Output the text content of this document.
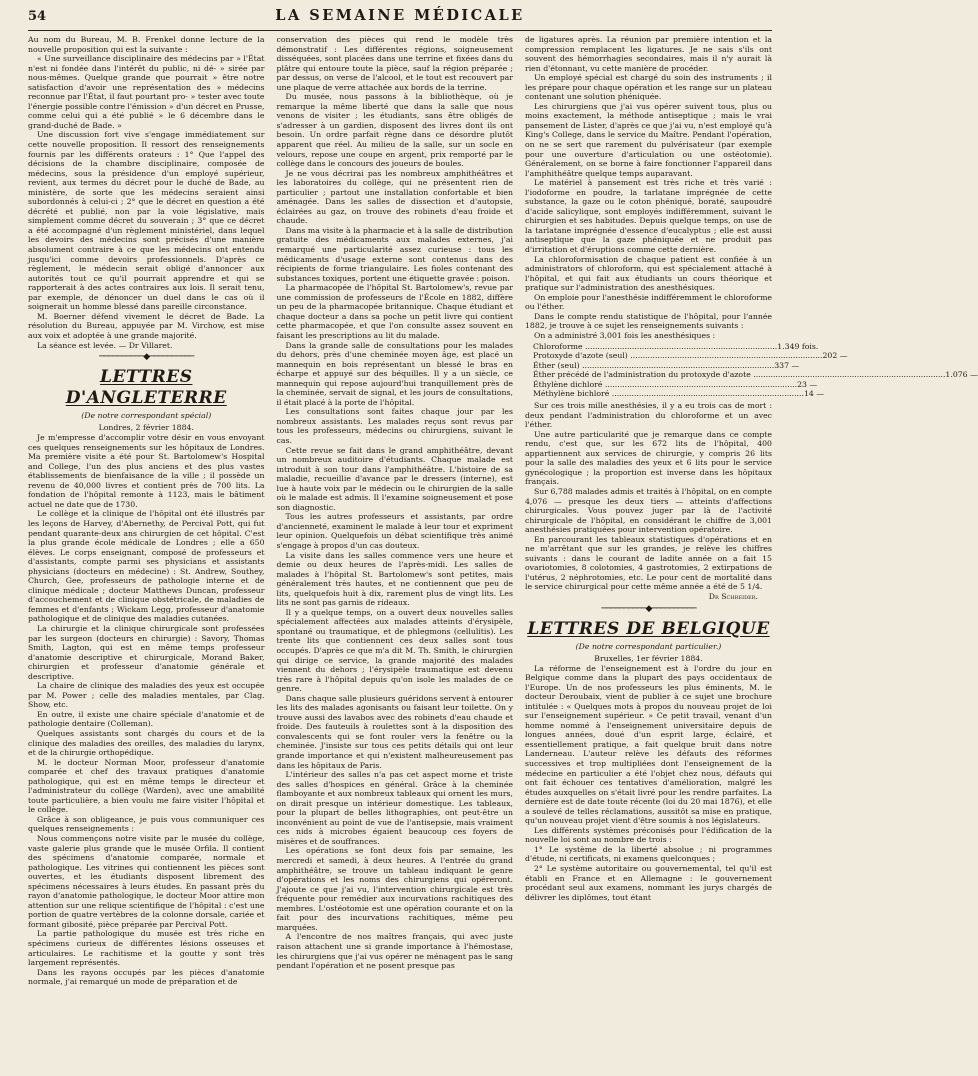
54	LA SEMAINE MÉDICALE

Au nom du Bureau, M. B. Frenkel donne lecture de la nouvelle proposition qui est la suivante :

« Une surveillance disciplinaire des médecins par » l'État n'est ni fondée dans l'intérêt du public, ni dé- » sirée par nous-mêmes. Quelque grande que pourrait » être notre satisfaction d'avoir une représentation des » médecins reconnue par l'État, il faut pourtant pro- » tester avec toute l'énergie possible contre l'émission » d'un décret en Prusse, comme celui qui a été publié » le 6 décembre dans le grand-duché de Bade. »

Une discussion fort vive s'engage immédiatement sur cette nouvelle proposition. Il ressort des renseignements fournis par les différents orateurs : 1° Que l'appel des décisions de la chambre disciplinaire, composée de médecins, sous la présidence d'un employé supérieur, revient, aux termes du décret pour le duché de Bade, au ministère, de sorte que les médecins seraient ainsi subordonnés à celui-ci ; 2° que le décret en question a été décrété et publié, non par la voie législative, mais simplement comme décret du souverain ; 3° que ce décret a été accompagné d'un règlement ministériel, dans lequel les devoirs des médecins sont précisés d'une manière absolument contraire à ce que les médecins ont entendu jusqu'ici comme devoirs professionnels. D'après ce règlement, le médecin serait obligé d'annoncer aux autorités tout ce qu'il pourrait apprendre et qui se rapporterait à des actes contraires aux lois. Il serait tenu, par exemple, de dénoncer un duel dans le cas où il soignerait un homme blessé dans pareille circonstance.

M. Boerner défend vivement le décret de Bade. La résolution du Bureau, appuyée par M. Virchow, est mise aux voix et adoptée à une grande majorité.

La séance est levée. — Dr Villaret.

──────────◆──────────
LETTRES D'ANGLETERRE
(De notre correspondant spécial)
Londres, 2 février 1884.

Je m'empresse d'accomplir votre désir en vous envoyant ces quelques renseignements sur les hôpitaux de Londres. Ma première visite a été pour St. Bartolomew's Hospital and College, l'un des plus anciens et des plus vastes établissements de bienfaisance de la ville ; il possède un revenu de 40,000 livres et contient près de 700 lits. La fondation de l'hôpital remonte à 1123, mais le bâtiment actuel ne date que de 1730.

Le collège et la clinique de l'hôpital ont été illustrés par les leçons de Harvey, d'Abernethy, de Percival Pott, qui fut pendant quarante-deux ans chirurgien de cet hôpital. C'est la plus grande école médicale de Londres ; elle a 650 élèves. Le corps enseignant, composé de professeurs et d'assistants, compte parmi ses physicians et assistants physicians (docteurs en médecine) : St. Andrew, Southey, Church, Gee, professeurs de pathologie interne et de clinique médicale ; docteur Matthews Duncan, professeur d'accouchement et de clinique obstétricale, de maladies de femmes et d'enfants ; Wickam Legg, professeur d'anatomie pathologique et de clinique des maladies cutanées.

La chirurgie et la clinique chirurgicale sont professées par les surgeon (docteurs en chirurgie) : Savory, Thomas Smith, Lagton, qui est en même temps professeur d'anatomie descriptive et chirurgicale, Morand Baker, chirurgien et professeur d'anatomie générale et descriptive.

La chaire de clinique des maladies des yeux est occupée par M. Power ; celle des maladies mentales, par Clag. Show, etc.

En outre, il existe une chaire spéciale d'anatomie et de pathologie dentaire (Colleman).

Quelques assistants sont chargés du cours et de la clinique des maladies des oreilles, des maladies du larynx, et de la chirurgie orthopédique.

M. le docteur Norman Moor, professeur d'anatomie comparée et chef des travaux pratiques d'anatomie pathologique, qui est en même temps le directeur et l'administrateur du collège (Warden), avec une amabilité toute particulière, a bien voulu me faire visiter l'hôpital et le collège.

Grâce à son obligeance, je puis vous communiquer ces quelques renseignements :

Nous commençons notre visite par le musée du collège, vaste galerie plus grande que le musée Orfila. Il contient des spécimens d'anatomie comparée, normale et pathologique. Les vitrines qui contiennent les pièces sont ouvertes, et les étudiants disposent librement des spécimens nécessaires à leurs études. En passant près du rayon d'anatomie pathologique, le docteur Moor attire mon attention sur une relique scientifique de l'hôpital : c'est une portion de quatre vertèbres de la colonne dorsale, cariée et formant gibosité, pièce préparée par Percival Pott.

La partie pathologique du musée est très riche en spécimens curieux de différentes lésions osseuses et articulaires. Le rachitisme et la goutte y sont très largement représentés.

Dans les rayons occupés par les pièces d'anatomie normale, j'ai remarqué un mode de préparation et de

conservation des pièces qui rend le modèle très démonstratif : Les différentes régions, soigneusement disséquées, sont placées dans une terrine et fixées dans du plâtre qui entoure toute la pièce, sauf la région préparée ; par dessus, on verse de l'alcool, et le tout est recouvert par une plaque de verre attachée aux bords de la terrine.

Du musée, nous passons à la bibliothèque, où je remarque la même liberté que dans la salle que nous venons de visiter ; les étudiants, sans être obligés de s'adresser à un gardien, disposent des livres dont ils ont besoin. Un ordre parfait règne dans ce désordre plutôt apparent que réel. Au milieu de la salle, sur un socle en velours, repose une coupe en argent, prix remporté par le collège dans le concours des joueurs de boules.

Je ne vous décrirai pas les nombreux amphithéâtres et les laboratoires du collège, qui ne présentent rien de particulier ; partout une installation confortable et bien aménagée. Dans les salles de dissection et d'autopsie, éclairées au gaz, on trouve des robinets d'eau froide et chaude.

Dans ma visite à la pharmacie et à la salle de distribution gratuite des médicaments aux malades externes, j'ai remarqué une particularité assez curieuse : tous les médicaments d'usage externe sont contenus dans des récipients de forme triangulaire. Les fioles contenant des substances toxiques, portent une étiquette gravée : poison.

La pharmacopée de l'hôpital St. Bartolomew's, revue par une commission de professeurs de l'École en 1882, diffère un peu de la pharmacopée britannique. Chaque étudiant et chaque docteur a dans sa poche un petit livre qui contient cette pharmacopée, et que l'on consulte assez souvent en faisant les prescriptions au lit du malade.

Dans la grande salle de consultations pour les malades du dehors, près d'une cheminée moyen âge, est placé un mannequin en bois représentant un blessé le bras en écharpe et appuyé sur des béquilles. Il y a un siècle, ce mannequin qui repose aujourd'hui tranquillement près de la cheminée, servait de signal, et les jours de consultations, il était placé à la porte de l'hôpital.

Les consultations sont faites chaque jour par les nombreux assistants. Les malades reçus sont revus par tous les professeurs, médecins ou chirurgiens, suivant le cas.

Cette revue se fait dans le grand amphithéâtre, devant un nombreux auditoire d'étudiants. Chaque malade est introduit à son tour dans l'amphithéâtre. L'histoire de sa maladie, recueillie d'avance par le dressers (interne), est lue à haute voix par le médecin ou le chirurgien de la salle où le malade est admis. Il l'examine soigneusement et pose son diagnostic.

Tous les autres professeurs et assistants, par ordre d'ancienneté, examinent le malade à leur tour et expriment leur opinion. Quelquefois un débat scientifique très animé s'engage à propos d'un cas douteux.

La visite dans les salles commence vers une heure et demie ou deux heures de l'après-midi. Les salles de malades à l'hôpital St. Bartolomew's sont petites, mais généralement très hautes, et ne contiennent que peu de lits, quelquefois huit à dix, rarement plus de vingt lits. Les lits ne sont pas garnis de rideaux.

Il y a quelque temps, on a ouvert deux nouvelles salles spécialement affectées aux malades atteints d'érysipèle, spontané ou traumatique, et de phlegmons (cellulitis). Les trente lits que contiennent ces deux salles sont tous occupés. D'après ce que m'a dit M. Th. Smith, le chirurgien qui dirige ce service, la grande majorité des malades viennent du dehors ; l'érysipèle traumatique est devenu très rare à l'hôpital depuis qu'on isole les malades de ce genre.

Dans chaque salle plusieurs guéridons servent à entourer les lits des malades agonisants ou faisant leur toilette. On y trouve aussi des lavabos avec des robinets d'eau chaude et froide. Des fauteuils à roulettes sont à la disposition des convalescents qui se font rouler vers la fenêtre ou la cheminée. J'insiste sur tous ces petits détails qui ont leur grande importance et qui n'existent malheureusement pas dans les hôpitaux de Paris.

L'intérieur des salles n'a pas cet aspect morne et triste des salles d'hospices en général. Grâce à la cheminée flamboyante et aux nombreux tableaux qui ornent les murs, on dirait presque un intérieur domestique. Les tableaux, pour la plupart de belles lithographies, ont peut-être un inconvénient au point de vue de l'antisepsie, mais vraiment ces nids à microbes égaient beaucoup ces foyers de misères et de souffrances.

Les opérations se font deux fois par semaine, les mercredi et samedi, à deux heures. A l'entrée du grand amphithéâtre, se trouve un tableau indiquant le genre d'opérations et les noms des chirurgiens qui opéreront. J'ajoute ce que j'ai vu, l'intervention chirurgicale est très fréquente pour remédier aux incurvations rachitiques des membres. L'ostéotomie est une opération courante et on la fait pour des incurvations rachitiques, même peu marquées.

A l'encontre de nos maîtres français, qui avec juste raison attachent une si grande importance à l'hémostase, les chirurgiens que j'ai vus opérer ne ménagent pas le sang pendant l'opération et ne posent presque pas

de ligatures après. La réunion par première intention et la compression remplacent les ligatures. Je ne sais s'ils ont souvent des hémorrhagies secondaires, mais il n'y aurait là rien d'étonnant, vu cette manière de procéder.

Un employé spécial est chargé du soin des instruments ; il les prépare pour chaque opération et les range sur un plateau contenant une solution phéniquée.

Les chirurgiens que j'ai vus opérer suivent tous, plus ou moins exactement, la méthode antiseptique ; mais le vrai pansement de Lister, d'après ce que j'ai vu, n'est employé qu'à King's College, dans le service du Maître. Pendant l'opération, on ne se sert que rarement du pulvérisateur (par exemple pour une ouverture d'articulation ou une ostéotomie). Généralement, on se borne à faire fonctionner l'appareil dans l'amphithéâtre quelque temps auparavant.

Le matériel à pansement est très riche et très varié : l'iodoforme en poudre, la tarlatane imprégnée de cette substance, la gaze ou le coton phéniqué, boraté, saupoudré d'acide salicylique, sont employés indifféremment, suivant le chirurgien et ses habitudes. Depuis quelque temps, on use de la tarlatane imprégnée d'essence d'eucalyptus ; elle est aussi antiseptique que la gaze phéniquée et ne produit pas d'irritation et d'éruptions comme cette dernière.

La chloroformisation de chaque patient est confiée à un administrators of chloroform, qui est spécialement attaché à l'hôpital, et qui fait aux étudiants un cours théorique et pratique sur l'administration des anesthésiques.

On emploie pour l'anesthésie indifféremment le chloroforme ou l'éther.

Dans le compte rendu statistique de l'hôpital, pour l'année 1882, je trouve à ce sujet les renseignements suivants :

On a administré 3,001 fois les anesthésiques :

Chloroforme .....	1.349 fois.
Protoxyde d'azote (seul) .....	202 —
Éther (seul) .....	337 —
Éther précédé de l'administration du protoxyde d'azote .....	1.076 —
Éthylène dichloré .....	23 —
Méthylène bichloré .....	14 —

Sur ces trois mille anesthésies, il y a eu trois cas de mort : deux pendant l'administration du chloroforme et un avec l'éther.

Une autre particularité que je remarque dans ce compte rendu, c'est que, sur les 672 lits de l'hôpital, 400 appartiennent aux services de chirurgie, y compris 26 lits pour la salle des maladies des yeux et 6 lits pour le service gynécologique ; la proportion est inverse dans les hôpitaux français.

Sur 6,788 malades admis et traités à l'hôpital, on en compte 4,076 — presque les deux tiers — atteints d'affections chirurgicales. Vous pouvez juger par là de l'activité chirurgicale de l'hôpital, en considérant le chiffre de 3,001 anesthésies pratiquées pour intervention opératoire.

En parcourant les tableaux statistiques d'opérations et en ne m'arrêtant que sur les grandes, je relève les chiffres suivants : dans le courant de ladite année on a fait 15 ovariotomies, 8 colotomies, 4 gastrotomies, 2 extirpations de l'utérus, 2 néphrotomies, etc. Le pour cent de mortalité dans le service chirurgical pour cette même année a été de 5 1/4.

Dr Schreider.
──────────◆──────────
LETTRES DE BELGIQUE
(De notre correspondant particulier.)
Bruxelles, 1er février 1884.

La réforme de l'enseignement est à l'ordre du jour en Belgique comme dans la plupart des pays occidentaux de l'Europe. Un de nos professeurs les plus éminents, M. le docteur Deroubaix, vient de publier à ce sujet une brochure intitulée : « Quelques mots à propos du nouveau projet de loi sur l'enseignement supérieur. » Ce petit travail, venant d'un homme nommé à l'enseignement universitaire depuis de longues années, doué d'un esprit large, éclairé, et essentiellement pratique, a fait quelque bruit dans notre Landerneau. L'auteur relève les défauts des réformes successives et trop multipliées dont l'enseignement de la médecine en particulier a été l'objet chez nous, défauts qui ont fait échouer ces tentatives d'amélioration, malgré les études auxquelles on s'était livré pour les rendre parfaites. La dernière est de date toute récente (loi du 20 mai 1876), et elle a soulevé de telles réclamations, aussitôt sa mise en pratique, qu'un nouveau projet vient d'être soumis à nos législateurs.

Les différents systèmes préconisés pour l'édification de la nouvelle loi sont au nombre de trois :

1° Le système de la liberté absolue ; ni programmes d'étude, ni certificats, ni examens quelconques ;

2° Le système autoritaire ou gouvernemental, tel qu'il est établi en France et en Allemagne : le gouvernement procédant seul aux examens, nommant les jurys chargés de délivrer les diplômes, tout étant
